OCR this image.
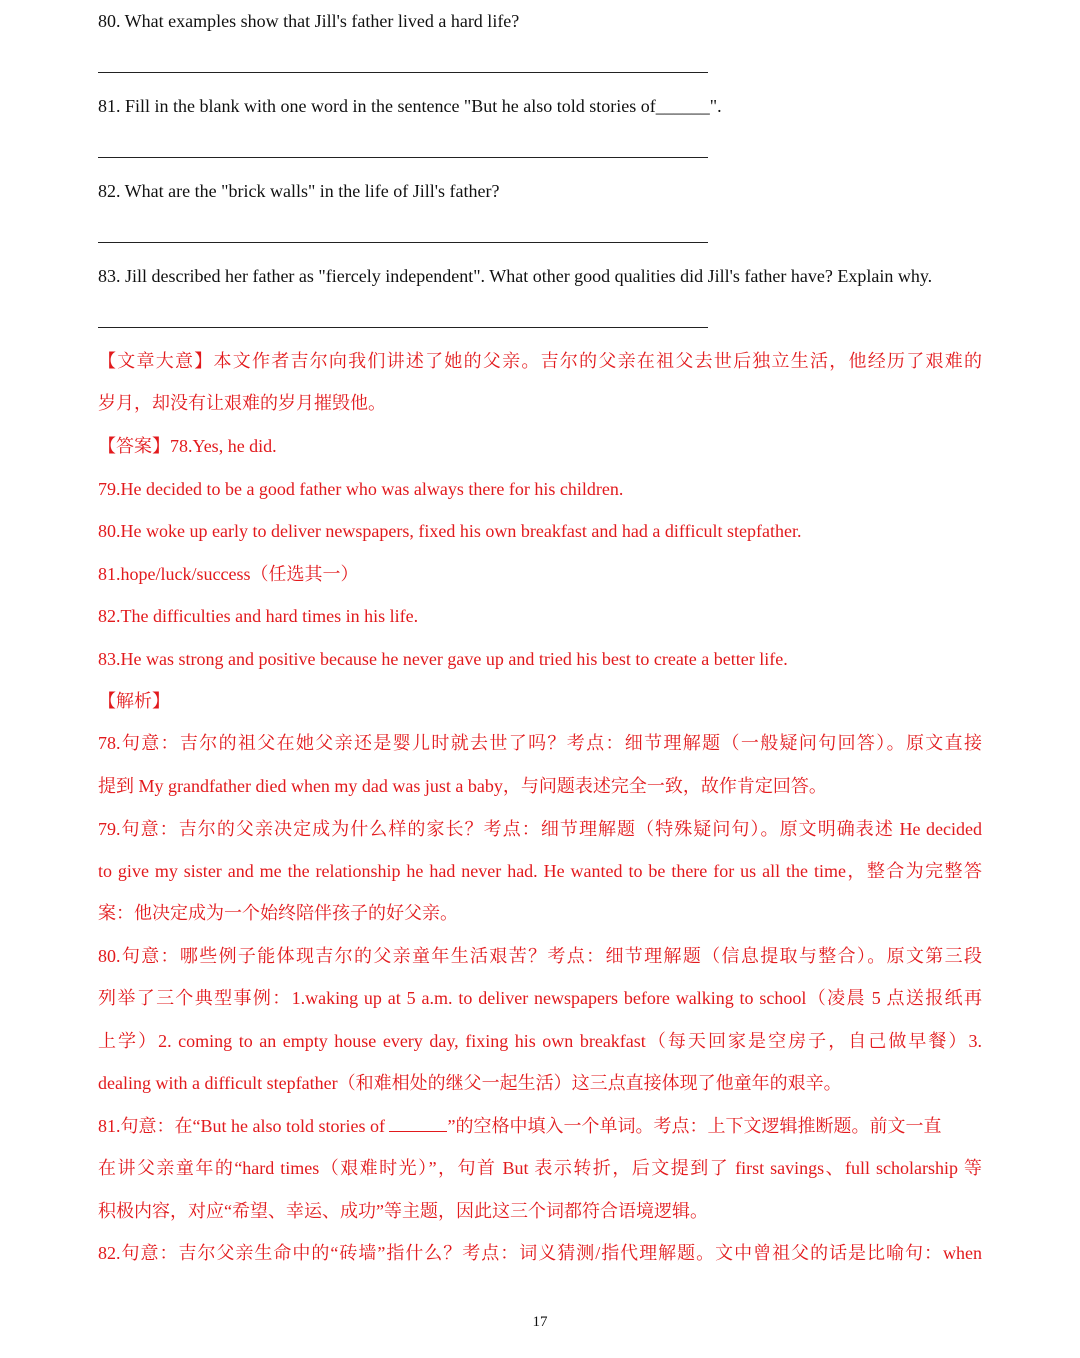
80. What examples show that Jill's father lived a hard life?
81. Fill in the blank with one word in the sentence "But he also told stories of______".
82. What are the "brick walls" in the life of Jill's father?
83. Jill described her father as "fiercely independent". What other good qualities did Jill's father have? Explain why.
【文章大意】本文作者吉尔向我们讲述了她的父亲。吉尔的父亲在祖父去世后独立生活，他经历了艰难的
岁月，却没有让艰难的岁月摧毁他。
【答案】78.Yes, he did.
79.He decided to be a good father who was always there for his children.
80.He woke up early to deliver newspapers, fixed his own breakfast and had a difficult stepfather.
81.hope/luck/success（任选其一）
82.The difficulties and hard times in his life.
83.He was strong and positive because he never gave up and tried his best to create a better life.
【解析】
78.句意：吉尔的祖父在她父亲还是婴儿时就去世了吗？考点：细节理解题（一般疑问句回答）。原文直接
提到 My grandfather died when my dad was just a baby，与问题表述完全一致，故作肯定回答。
79.句意：吉尔的父亲决定成为什么样的家长？考点：细节理解题（特殊疑问句）。原文明确表述 He decided
to give my sister and me the relationship he had never had. He wanted to be there for us all the time，整合为完整答
案：他决定成为一个始终陪伴孩子的好父亲。
80.句意：哪些例子能体现吉尔的父亲童年生活艰苦？考点：细节理解题（信息提取与整合）。原文第三段
列举了三个典型事例：1.waking up at 5 a.m. to deliver newspapers before walking to school（凌晨 5 点送报纸再
上学）2. coming to an empty house every day, fixing his own breakfast（每天回家是空房子，自己做早餐）3.
dealing with a difficult stepfather（和难相处的继父一起生活）这三点直接体现了他童年的艰辛。
81.句意：在“But he also told stories of	”的空格中填入一个单词。考点：上下文逻辑推断题。前文一直
在讲父亲童年的“hard times（艰难时光）”，句首 But 表示转折，后文提到了 first savings、full scholarship 等
积极内容，对应“希望、幸运、成功”等主题，因此这三个词都符合语境逻辑。
82.句意：吉尔父亲生命中的“砖墙”指什么？考点：词义猜测/指代理解题。文中曾祖父的话是比喻句：when
17
